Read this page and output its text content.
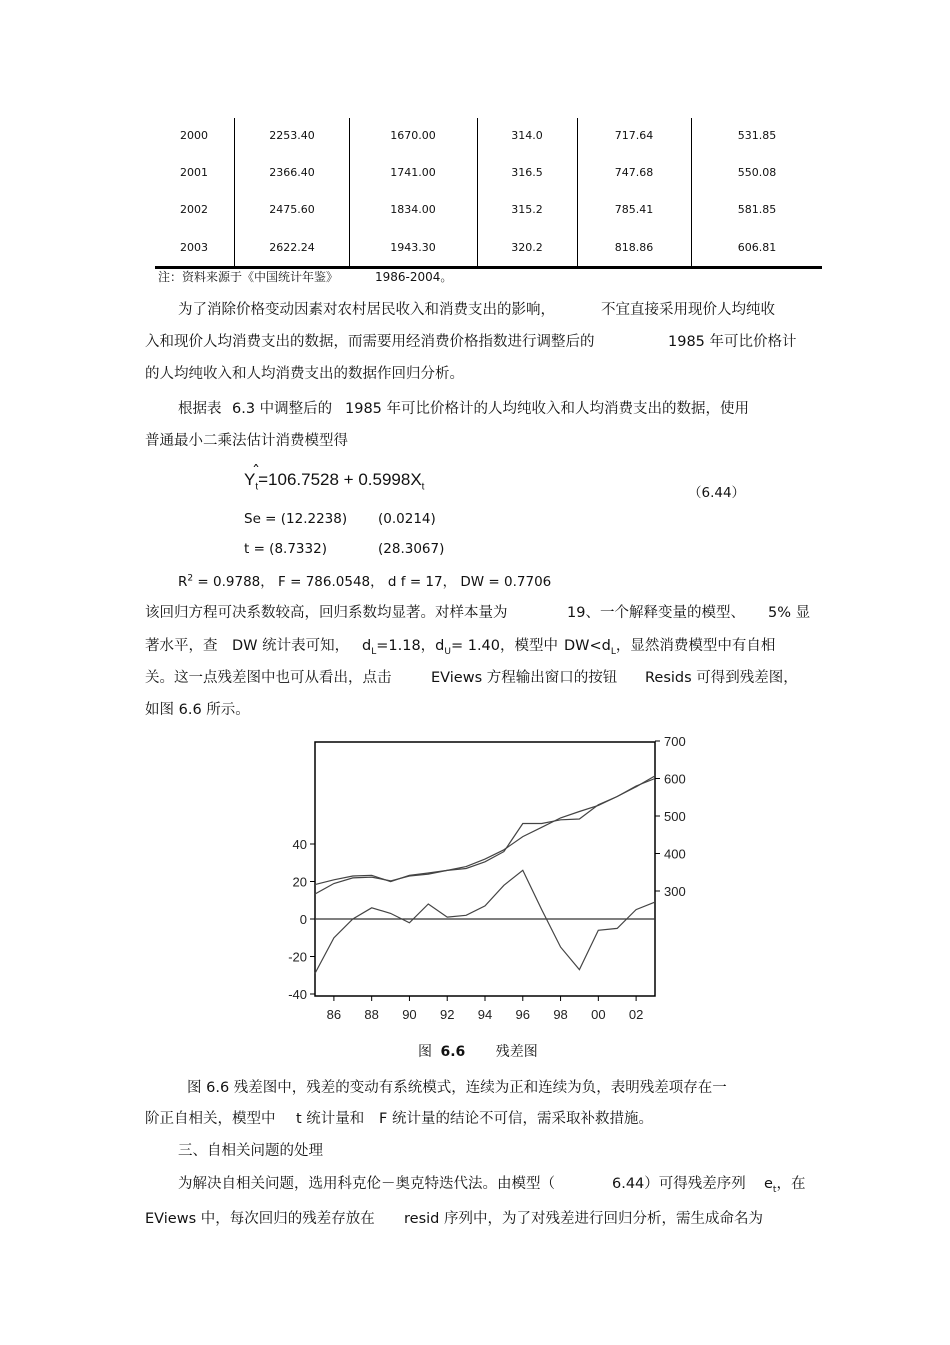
2000	2253.40	1670.00	314.0	717.64	531.85
2001	2366.40	1741.00	316.5	747.68	550.08
2002	2475.60	1834.00	315.2	785.41	581.85
2003	2622.24	1943.30	320.2	818.86	606.81
注：资料来源于《中国统计年鉴》	1986-2004。
为了消除价格变动因素对农村居民收入和消费支出的影响，	不宜直接采用现价人均纯收
入和现价人均消费支出的数据，而需要用经消费价格指数进行调整后的	1985 年可比价格计
的人均纯收入和人均消费支出的数据作回归分析。
根据表 6.3 中调整后的 1985 年可比价格计的人均纯收入和人均消费支出的数据，使用
普通最小二乘法估计消费模型得
$Y_t=106.7528 + 0.5998X_t$
ˆ
（6.44）
Se = (12.2238) (0.0214)
t = (8.7332)	(28.3067)
$R^2 = 0.9788$， F = 786.0548， d f = 17， DW = 0.7706
该回归方程可决系数较高，回归系数均显著。对样本量为	19、一个解释变量的模型、 5% 显
著水平，查 DW 统计表可知， $d_L=1.18$，$d_U= 1.40$，模型中 $DW<d_L$，显然消费模型中有自相
关。这一点残差图中也可从看出，点击	EViews 方程输出窗口的按钮 Resids 可得到残差图，
如图 6.6 所示。
40
20
0
-20
-40
700
600
500
400
300
86 88 90 92 94 96 98 00 02
图 6.6 残差图
图 6.6 残差图中，残差的变动有系统模式，连续为正和连续为负，表明残差项存在一
阶正自相关，模型中 t 统计量和 F 统计量的结论不可信，需采取补救措施。
三、自相关问题的处理
为解决自相关问题，选用科克伦－奥克特迭代法。由模型（	6.44）可得残差序列 $e_t$，在
EViews 中，每次回归的残差存放在 resid 序列中，为了对残差进行回归分析，需生成命名为
